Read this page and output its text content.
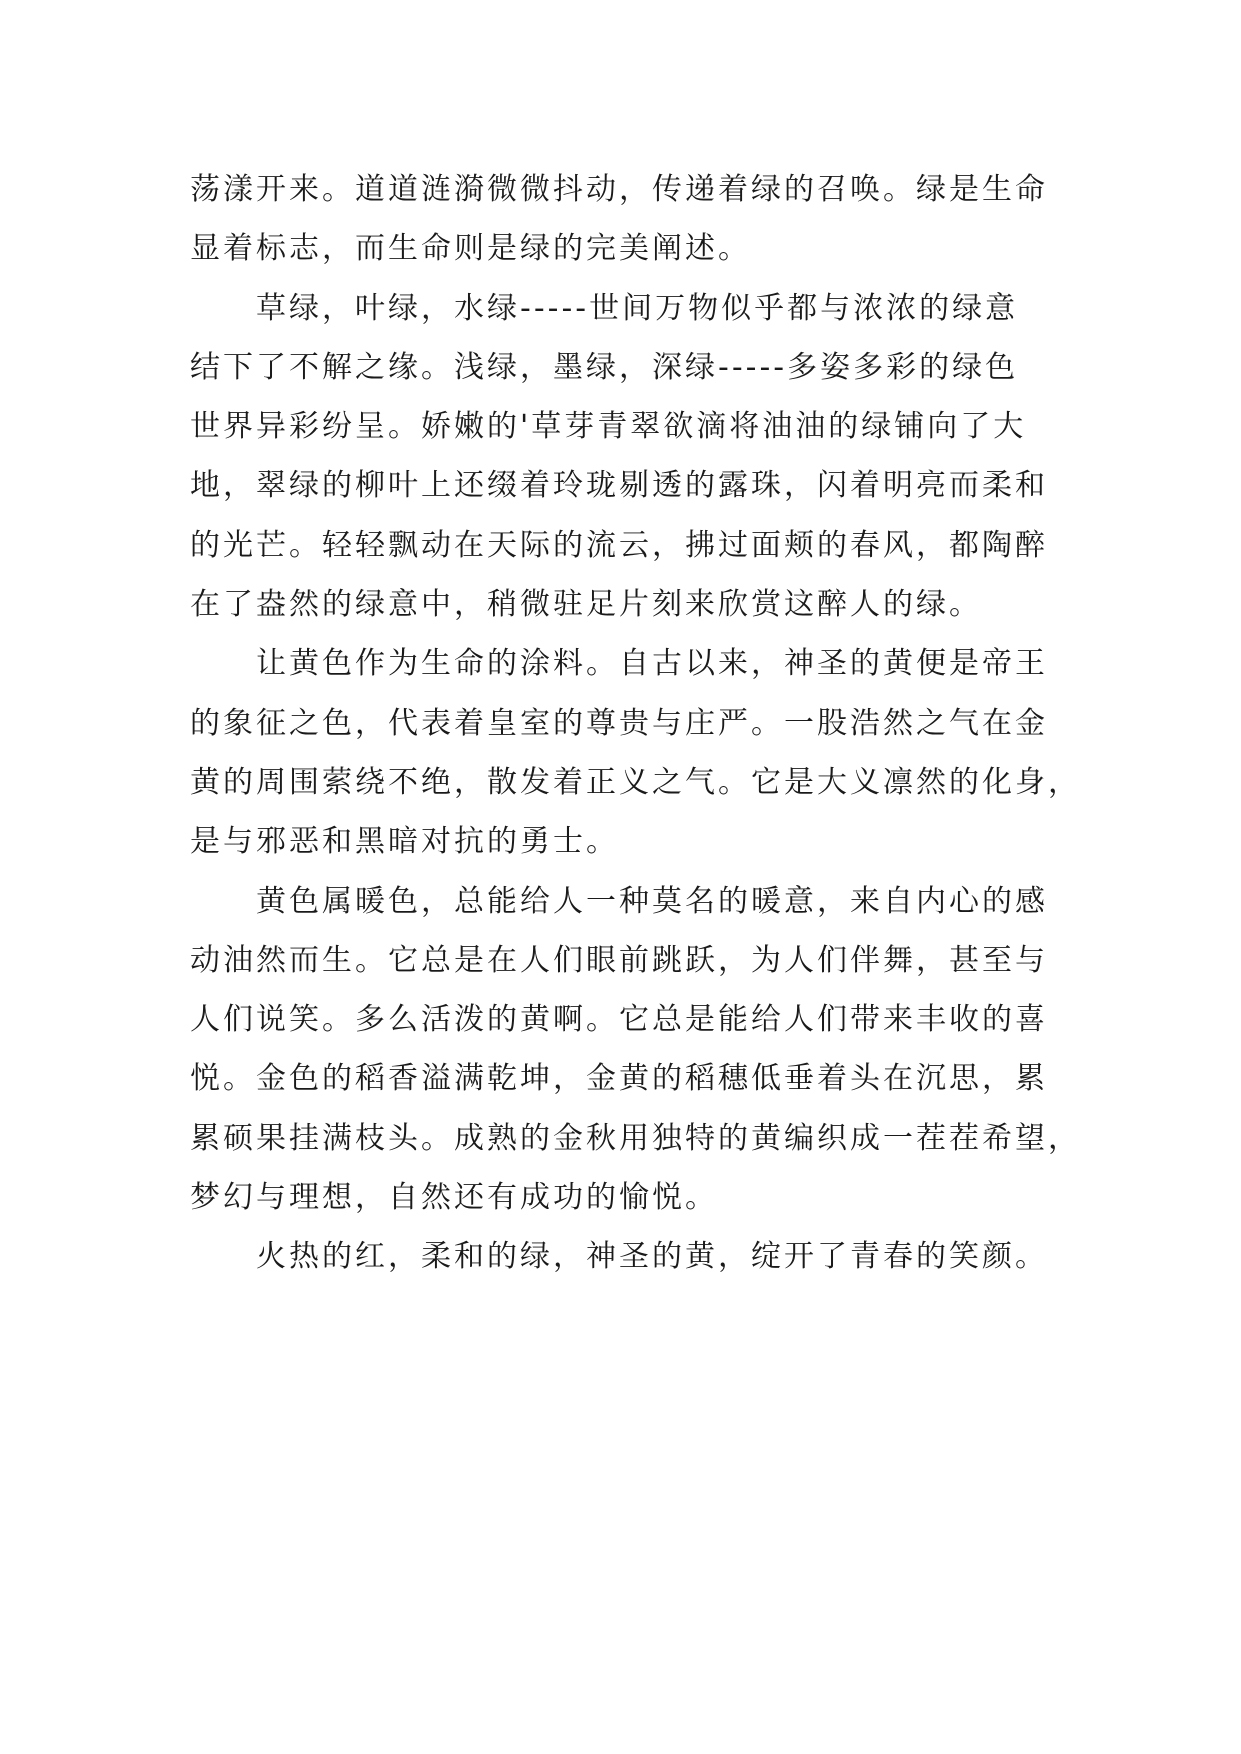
荡漾开来。道道涟漪微微抖动，传递着绿的召唤。绿是生命
显着标志，而生命则是绿的完美阐述。
草绿，叶绿，水绿-----世间万物似乎都与浓浓的绿意
结下了不解之缘。浅绿，墨绿，深绿-----多姿多彩的绿色
世界异彩纷呈。娇嫩的'草芽青翠欲滴将油油的绿铺向了大
地，翠绿的柳叶上还缀着玲珑剔透的露珠，闪着明亮而柔和
的光芒。轻轻飘动在天际的流云，拂过面颊的春风，都陶醉
在了盎然的绿意中，稍微驻足片刻来欣赏这醉人的绿。
让黄色作为生命的涂料。自古以来，神圣的黄便是帝王
的象征之色，代表着皇室的尊贵与庄严。一股浩然之气在金
黄的周围萦绕不绝，散发着正义之气。它是大义凛然的化身，
是与邪恶和黑暗对抗的勇士。
黄色属暖色，总能给人一种莫名的暖意，来自内心的感
动油然而生。它总是在人们眼前跳跃，为人们伴舞，甚至与
人们说笑。多么活泼的黄啊。它总是能给人们带来丰收的喜
悦。金色的稻香溢满乾坤，金黄的稻穗低垂着头在沉思，累
累硕果挂满枝头。成熟的金秋用独特的黄编织成一茬茬希望，
梦幻与理想，自然还有成功的愉悦。
火热的红，柔和的绿，神圣的黄，绽开了青春的笑颜。
